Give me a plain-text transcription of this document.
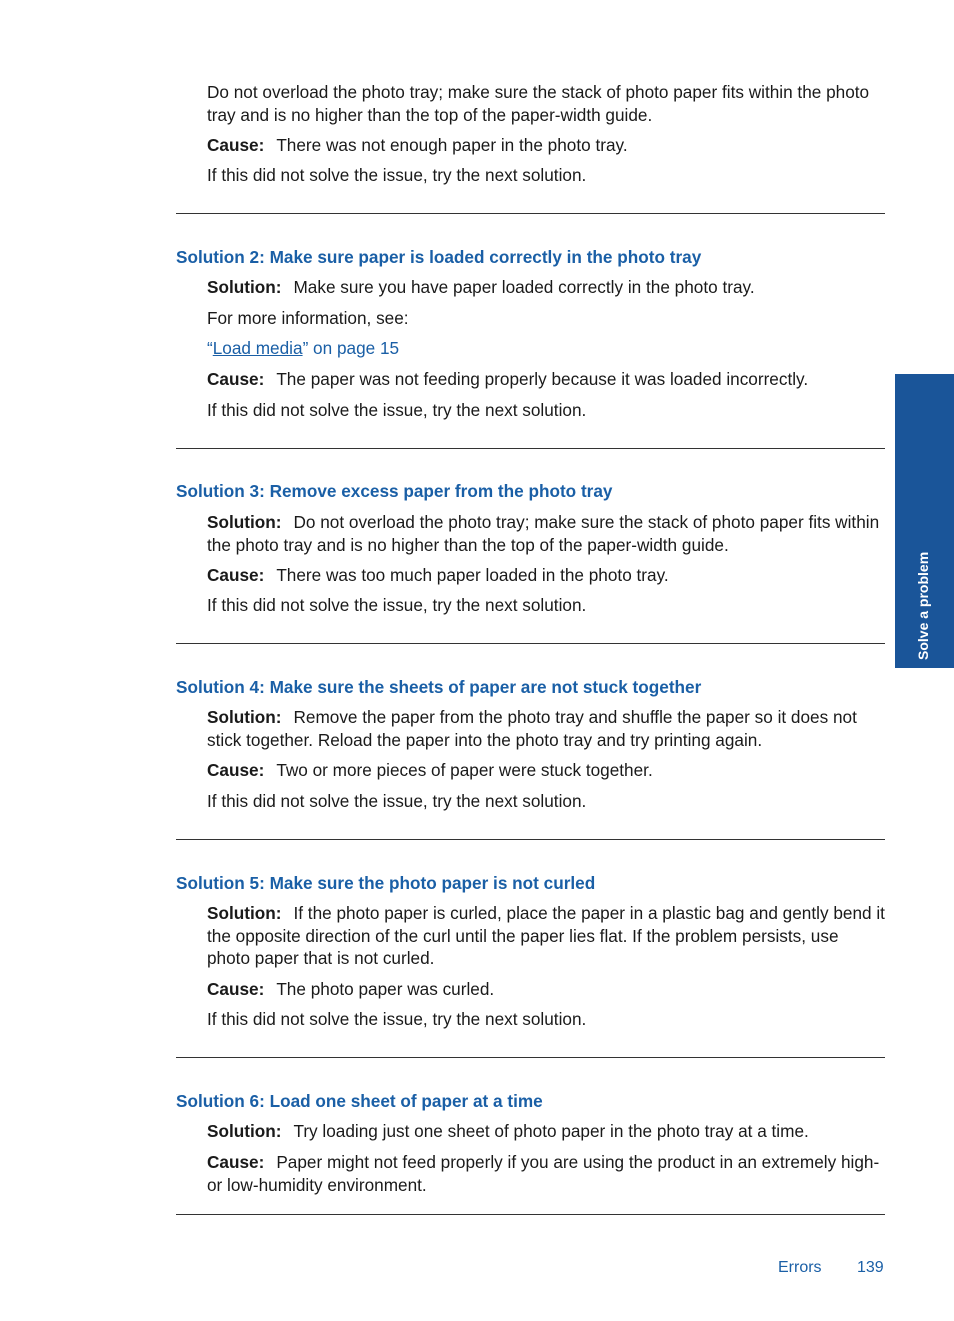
Do not overload the photo tray; make sure the stack of photo paper fits within the photo tray and is no higher than the top of the paper-width guide.

Cause: There was not enough paper in the photo tray.

If this did not solve the issue, try the next solution.

Solution 2: Make sure paper is loaded correctly in the photo tray

Solution: Make sure you have paper loaded correctly in the photo tray.

For more information, see:

“Load media” on page 15

Cause: The paper was not feeding properly because it was loaded incorrectly.

If this did not solve the issue, try the next solution.

Solution 3: Remove excess paper from the photo tray

Solution: Do not overload the photo tray; make sure the stack of photo paper fits within the photo tray and is no higher than the top of the paper-width guide.

Cause: There was too much paper loaded in the photo tray.

If this did not solve the issue, try the next solution.

Solution 4: Make sure the sheets of paper are not stuck together

Solution: Remove the paper from the photo tray and shuffle the paper so it does not stick together. Reload the paper into the photo tray and try printing again.

Cause: Two or more pieces of paper were stuck together.

If this did not solve the issue, try the next solution.

Solution 5: Make sure the photo paper is not curled

Solution: If the photo paper is curled, place the paper in a plastic bag and gently bend it the opposite direction of the curl until the paper lies flat. If the problem persists, use photo paper that is not curled.

Cause: The photo paper was curled.

If this did not solve the issue, try the next solution.

Solution 6: Load one sheet of paper at a time

Solution: Try loading just one sheet of photo paper in the photo tray at a time.

Cause: Paper might not feed properly if you are using the product in an extremely high- or low-humidity environment.

Solve a problem
Errors 139
